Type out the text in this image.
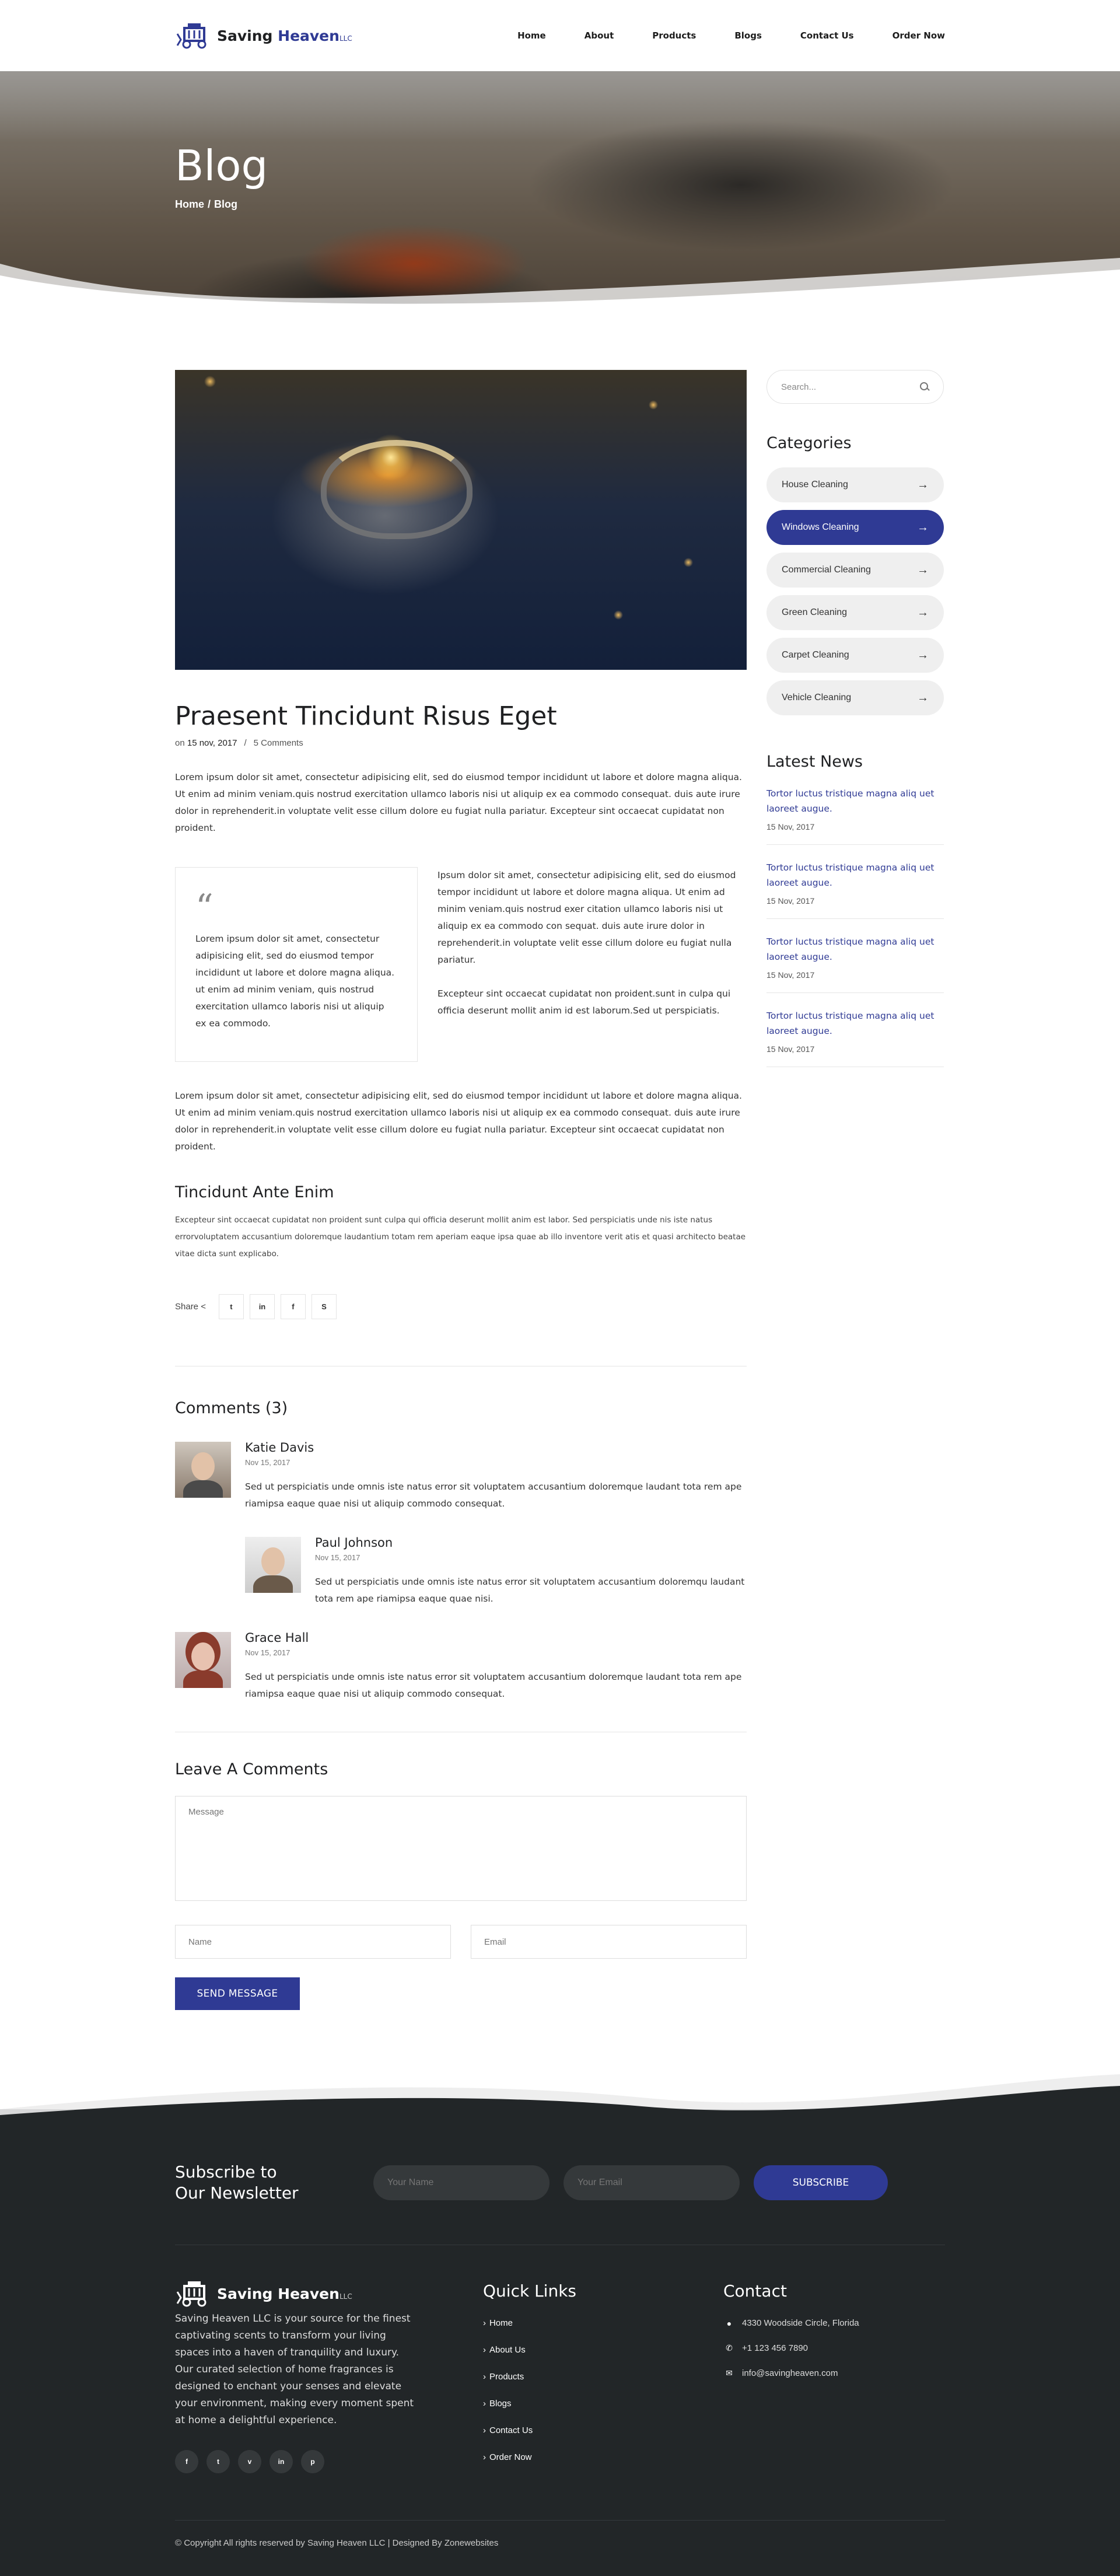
Saving HeavenLLC	Home	About	Products	Blogs	Contact Us	Order Now
Blog
Home / Blog
Praesent Tincidunt Risus Eget
on 15 nov, 2017 / 5 Comments

Lorem ipsum dolor sit amet, consectetur adipisicing elit, sed do eiusmod tempor incididunt ut labore et dolore magna aliqua. Ut enim ad minim veniam.quis nostrud exercitation ullamco laboris nisi ut aliquip ex ea commodo consequat. duis aute irure dolor in reprehenderit.in voluptate velit esse cillum dolore eu fugiat nulla pariatur. Excepteur sint occaecat cupidatat non proident.

“
Lorem ipsum dolor sit amet, consectetur adipisicing elit, sed do eiusmod tempor incididunt ut labore et dolore magna aliqua. ut enim ad minim veniam, quis nostrud exercitation ullamco laboris nisi ut aliquip ex ea commodo.

Ipsum dolor sit amet, consectetur adipisicing elit, sed do eiusmod tempor incididunt ut labore et dolore magna aliqua. Ut enim ad minim veniam.quis nostrud exer citation ullamco laboris nisi ut aliquip ex ea commodo con sequat. duis aute irure dolor in reprehenderit.in voluptate velit esse cillum dolore eu fugiat nulla pariatur.

Excepteur sint occaecat cupidatat non proident.sunt in culpa qui officia deserunt mollit anim id est laborum.Sed ut perspiciatis.

Lorem ipsum dolor sit amet, consectetur adipisicing elit, sed do eiusmod tempor incididunt ut labore et dolore magna aliqua. Ut enim ad minim veniam.quis nostrud exercitation ullamco laboris nisi ut aliquip ex ea commodo consequat. duis aute irure dolor in reprehenderit.in voluptate velit esse cillum dolore eu fugiat nulla pariatur. Excepteur sint occaecat cupidatat non proident.

Tincidunt Ante Enim

Excepteur sint occaecat cupidatat non proident sunt culpa qui officia deserunt mollit anim est labor. Sed perspiciatis unde nis iste natus errorvoluptatem accusantium doloremque laudantium totam rem aperiam eaque ipsa quae ab illo inventore verit atis et quasi architecto beatae vitae dicta sunt explicabo.

Share <	t	in	f	S
Comments (3)
Katie Davis
Nov 15, 2017
Sed ut perspiciatis unde omnis iste natus error sit voluptatem accusantium doloremque laudant tota rem ape riamipsa eaque quae nisi ut aliquip commodo consequat.
Paul Johnson
Nov 15, 2017
Sed ut perspiciatis unde omnis iste natus error sit voluptatem accusantium doloremqu laudant tota rem ape riamipsa eaque quae nisi.
Grace Hall
Nov 15, 2017
Sed ut perspiciatis unde omnis iste natus error sit voluptatem accusantium doloremque laudant tota rem ape riamipsa eaque quae nisi ut aliquip commodo consequat.
Leave A Comments
Message
Name
Email
SEND MESSAGE
Search...
Categories
House Cleaning	→
Windows Cleaning	→
Commercial Cleaning	→
Green Cleaning	→
Carpet Cleaning	→
Vehicle Cleaning	→
Latest News
Tortor luctus tristique magna aliq uet laoreet augue.
15 Nov, 2017
Tortor luctus tristique magna aliq uet laoreet augue.
15 Nov, 2017
Tortor luctus tristique magna aliq uet laoreet augue.
15 Nov, 2017
Tortor luctus tristique magna aliq uet laoreet augue.
15 Nov, 2017
Subscribe to
Our Newsletter
Your Name
Your Email
SUBSCRIBE
Saving HeavenLLC

Saving Heaven LLC is your source for the finest captivating scents to transform your living spaces into a haven of tranquility and luxury. Our curated selection of home fragrances is designed to enchant your senses and elevate your environment, making every moment spent at home a delightful experience.

f	t	v	in	p
Quick Links
› Home
› About Us
› Products
› Blogs
› Contact Us
› Order Now
Contact
●	4330 Woodside Circle, Florida
✆ +1 123 456 7890
✉ info@savingheaven.com
© Copyright All rights reserved by Saving Heaven LLC | Designed By Zonewebsites
